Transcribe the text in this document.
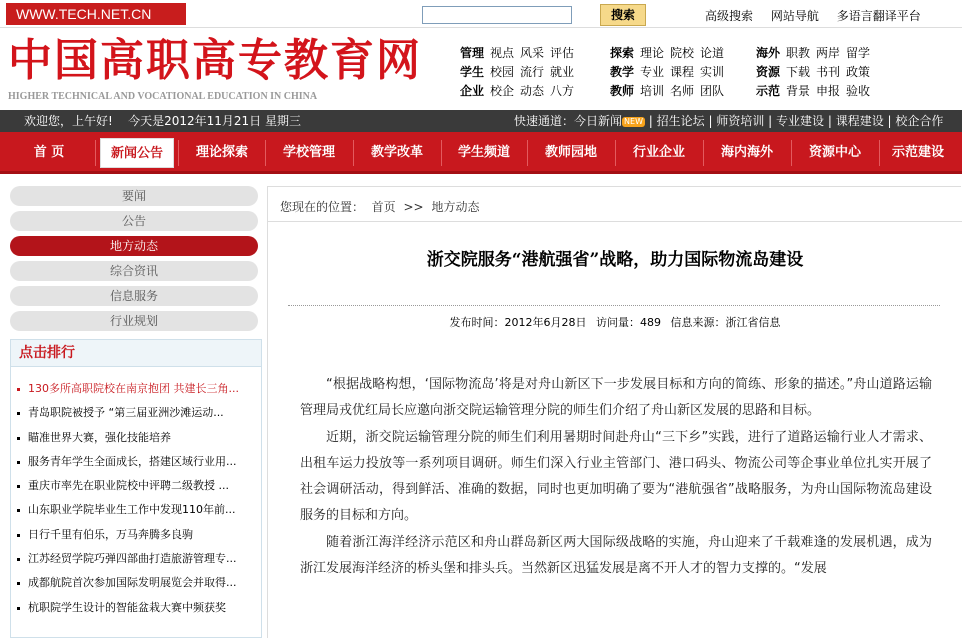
WWW.TECH.NET.CN	搜索	高级搜索 网站导航 多语言翻译平台
中国高职高专教育网
HIGHER TECHNICAL AND VOCATIONAL EDUCATION IN CHINA
管理 视点 风采 评估
学生 校园 流行 就业
企业 校企 动态 八方
探索 理论 院校 论道
教学 专业 课程 实训
教师 培训 名师 团队
海外 职教 两岸 留学
资源 下载 书刊 政策
示范 背景 申报 验收
欢迎您，上午好! 今天是2012年11月21日 星期三	快速通道：今日新闻 NEW | 招生论坛 | 师资培训 | 专业建设 | 课程建设 | 校企合作
首 页	新闻公告	理论探索	学校管理	教学改革	学生频道	教师园地	行业企业	海内海外	资源中心	示范建设
要闻
公告
地方动态
综合资讯
信息服务
行业规划
点击排行
130多所高职院校在南京抱团 共建长三角...
青岛职院被授予 “第三届亚洲沙滩运动...
瞄准世界大赛，强化技能培养
服务青年学生全面成长，搭建区域行业用...
重庆市率先在职业院校中评聘二级教授 ...
山东职业学院毕业生工作中发现110年前...
日行千里有伯乐，万马奔腾多良驹
江苏经贸学院巧弹四部曲打造旅游管理专...
成都航院首次参加国际发明展览会并取得...
杭职院学生设计的智能盆栽大赛中频获奖
您现在的位置： 首页 >> 地方动态
浙交院服务“港航强省”战略，助力国际物流岛建设
发布时间：2012年6月28日 访问量：489 信息来源：浙江省信息

“根据战略构想，‘国际物流岛’将是对舟山新区下一步发展目标和方向的简练、形象的描述。”舟山道路运输管理局戎优红局长应邀向浙交院运输管理分院的师生们介绍了舟山新区发展的思路和目标。

近期，浙交院运输管理分院的师生们利用暑期时间赴舟山“三下乡”实践，进行了道路运输行业人才需求、出租车运力投放等一系列项目调研。师生们深入行业主管部门、港口码头、物流公司等企事业单位扎实开展了社会调研活动，得到鲜活、准确的数据，同时也更加明确了要为“港航强省”战略服务，为舟山国际物流岛建设服务的目标和方向。

随着浙江海洋经济示范区和舟山群岛新区两大国际级战略的实施，舟山迎来了千载难逢的发展机遇，成为浙江发展海洋经济的桥头堡和排头兵。当然新区迅猛发展是离不开人才的智力支撑的。“发展
